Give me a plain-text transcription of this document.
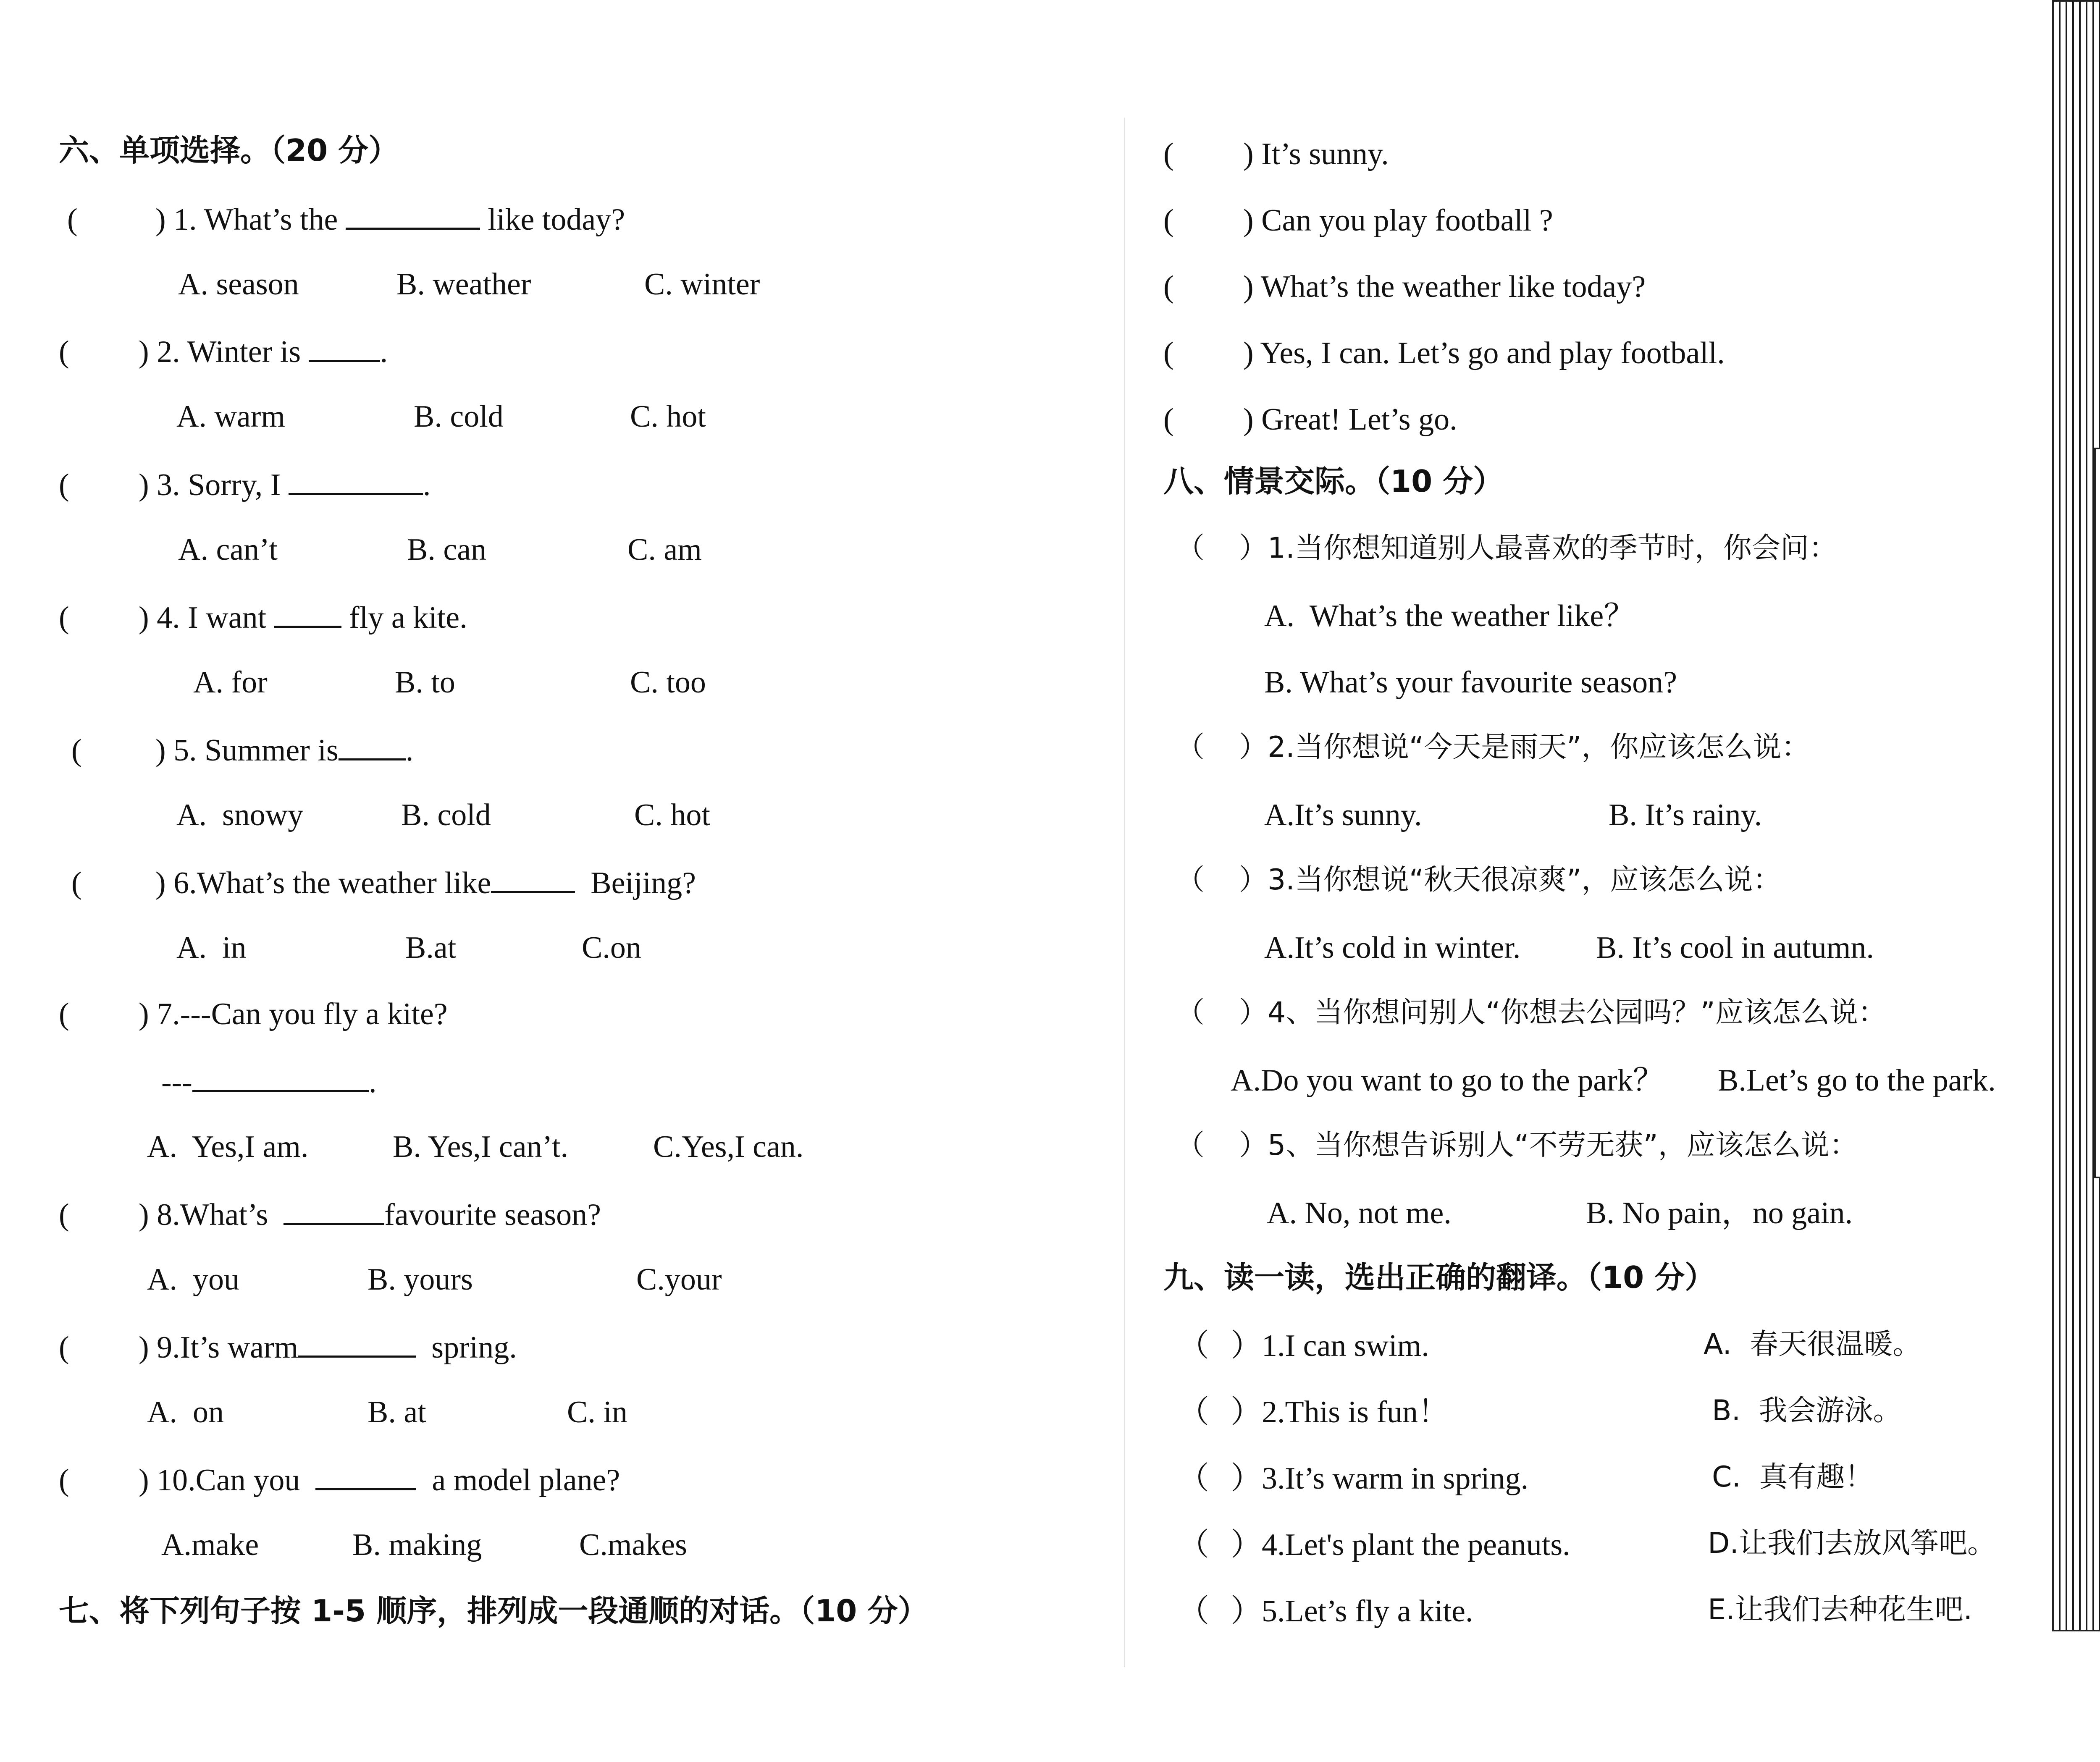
六、单项选择。（20 分）
(	) 1. What’s the	like today?
A. season	B. weather	C. winter
( ) 2. Winter is	.
A. warm	B. cold	C. hot
( ) 3. Sorry, I	.
A. can’t	B. can	C. am
( ) 4. I want	fly a kite.
A. for	B. to	C. too
( ) 5. Summer is .
A.  snowy	B. cold	C. hot
( ) 6.What’s the weather like	Beijing?
A.  in	B.at	C.on
( ) 7.---Can you fly a kite?
---	.
A.  Yes,I am.	B. Yes,I can’t.	C.Yes,I can.
( ) 8.What’s	favourite season?
A.  you	B. yours	C.your
( ) 9.It’s warm	spring.
A.  on	B. at	C. in
( ) 10.Can you	a model plane?
A.make	B. making	C.makes
七、将下列句子按 1-5 顺序，排列成一段通顺的对话。（10 分）
( ) It’s sunny.
( ) Can you play football ?
( ) What’s the weather like today?
( ) Yes, I can. Let’s go and play football.
( ) Great! Let’s go.
八、情景交际。（10 分）
（ ）1.当你想知道别人最喜欢的季节时，你会问：
A.  What’s the weather like？
B. What’s your favourite season?
（ ）2.当你想说“今天是雨天”，你应该怎么说：
A.It’s sunny.	B. It’s rainy.
（ ）3.当你想说“秋天很凉爽”，应该怎么说：
A.It’s cold in winter. B. It’s cool in autumn.
（ ）4、当你想问别人“你想去公园吗？”应该怎么说：
A.Do you want to go to the park？ B.Let’s go to the park.
（ ）5、当你想告诉别人“不劳无获”，应该怎么说：
A. No, not me.	B. No pain，no gain.
九、读一读，选出正确的翻译。（10 分）
（ ）1.I can swim.	A.  春天很温暖。
（ ）2.This is fun！	B.  我会游泳。
（ ）3.It’s warm in spring.	C.  真有趣！
（ ）4.Let's plant the peanuts.	D.让我们去放风筝吧。
（ ）5.Let’s fly a kite.	E.让我们去种花生吧.
